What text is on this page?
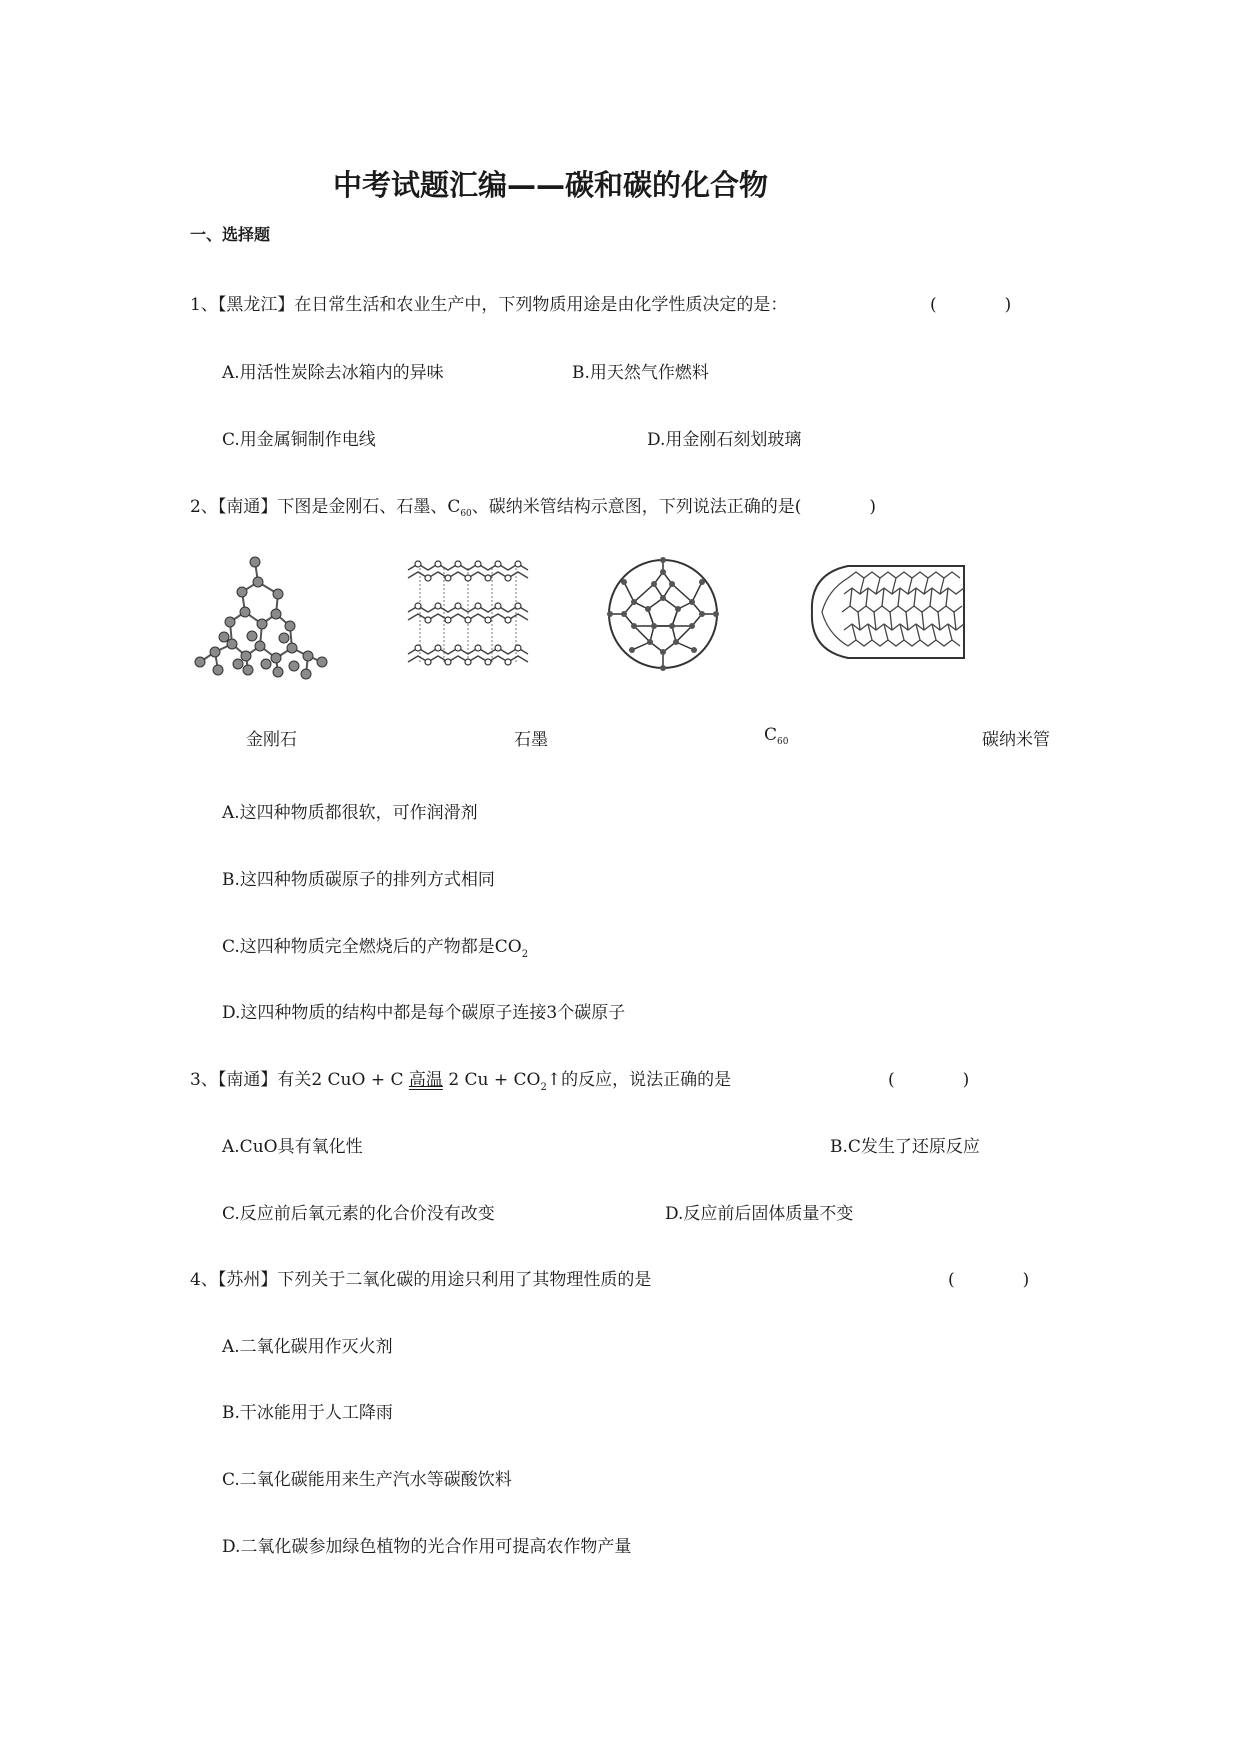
中考试题汇编——碳和碳的化合物
一、选择题
1、【黑龙江】在日常生活和农业生产中，下列物质用途是由化学性质决定的是：	(　　　　)
A.用活性炭除去冰箱内的异味	B.用天然气作燃料
C.用金属铜制作电线	D.用金刚石刻划玻璃
2、【南通】下图是金刚石、石墨、$C_{60}$、碳纳米管结构示意图，下列说法正确的是(　　　　)
金刚石	石墨	$C_{60}$	碳纳米管
A.这四种物质都很软，可作润滑剂
B.这四种物质碳原子的排列方式相同
C.这四种物质完全燃烧后的产物都是$CO_2$
D.这四种物质的结构中都是每个碳原子连接3个碳原子
3、【南通】有关2 CuO + C 高温 2 $Cu + CO_2↑$的反应，说法正确的是	(　　　　)
A.CuO具有氧化性	B.C发生了还原反应
C.反应前后氧元素的化合价没有改变	D.反应前后固体质量不变
4、【苏州】下列关于二氧化碳的用途只利用了其物理性质的是	(　　　　)
A.二氧化碳用作灭火剂
B.干冰能用于人工降雨
C.二氧化碳能用来生产汽水等碳酸饮料
D.二氧化碳参加绿色植物的光合作用可提高农作物产量
